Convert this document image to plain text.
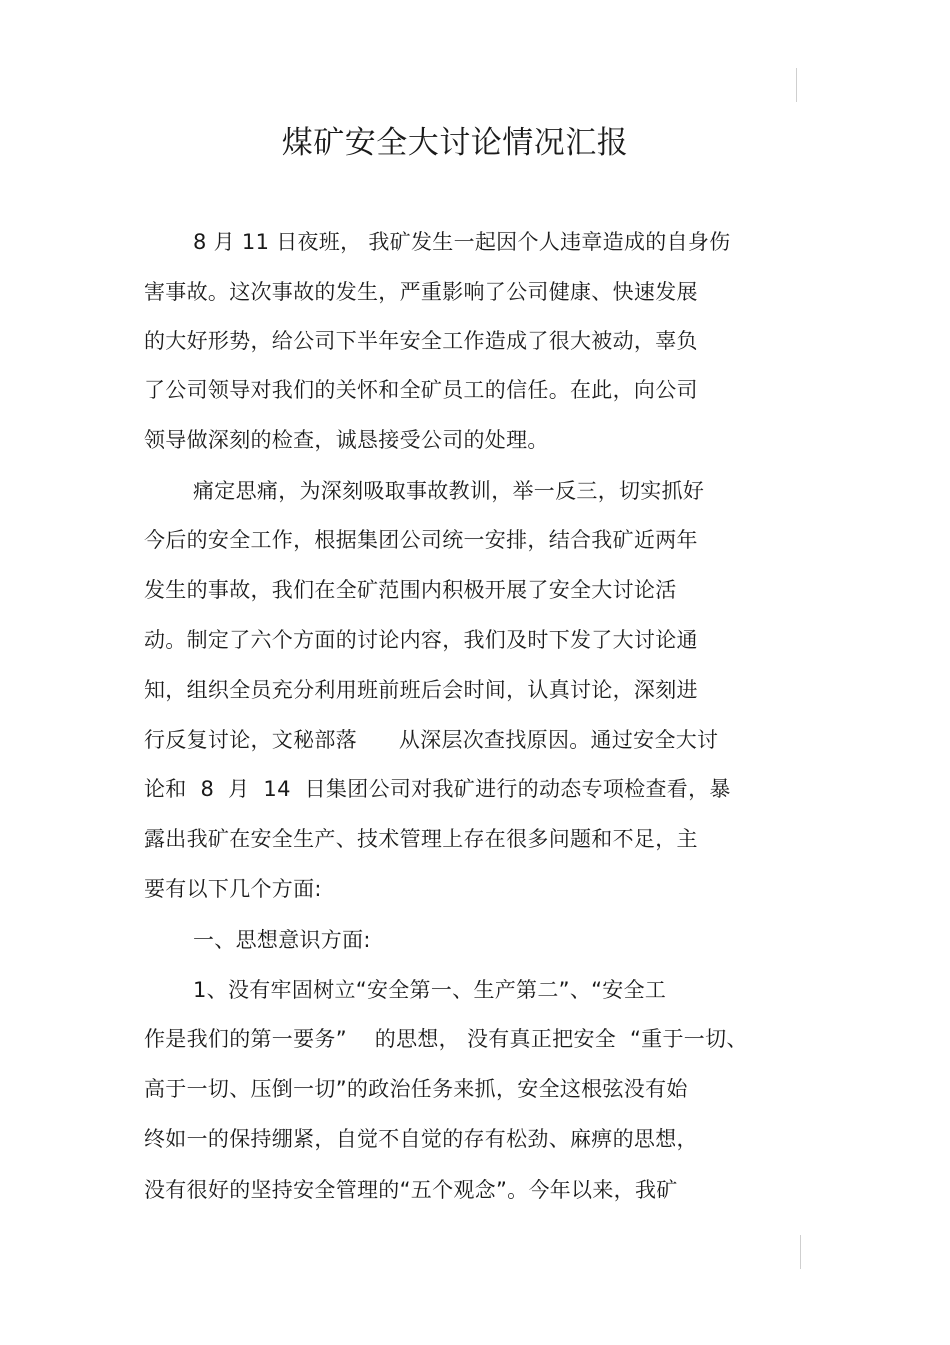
煤矿安全大讨论情况汇报
8 月 11 日夜班， 我矿发生一起因个人违章造成的自身伤
害事故。这次事故的发生，严重影响了公司健康、快速发展
的大好形势，给公司下半年安全工作造成了很大被动，辜负
了公司领导对我们的关怀和全矿员工的信任。在此，向公司
领导做深刻的检查，诚恳接受公司的处理。
痛定思痛，为深刻吸取事故教训，举一反三，切实抓好
今后的安全工作，根据集团公司统一安排，结合我矿近两年
发生的事故，我们在全矿范围内积极开展了安全大讨论活
动。制定了六个方面的讨论内容，我们及时下发了大讨论通
知，组织全员充分利用班前班后会时间，认真讨论，深刻进
行反复讨论，文秘部落      从深层次查找原因。通过安全大讨
论和  8  月  14  日集团公司对我矿进行的动态专项检查看，暴
露出我矿在安全生产、技术管理上存在很多问题和不足，主
要有以下几个方面:
一、思想意识方面:
1、没有牢固树立“安全第一、生产第二”、“安全工
作是我们的第一要务”    的思想， 没有真正把安全  “重于一切、
高于一切、压倒一切”的政治任务来抓，安全这根弦没有始
终如一的保持绷紧，自觉不自觉的存有松劲、麻痹的思想，
没有很好的坚持安全管理的“五个观念”。今年以来，我矿
